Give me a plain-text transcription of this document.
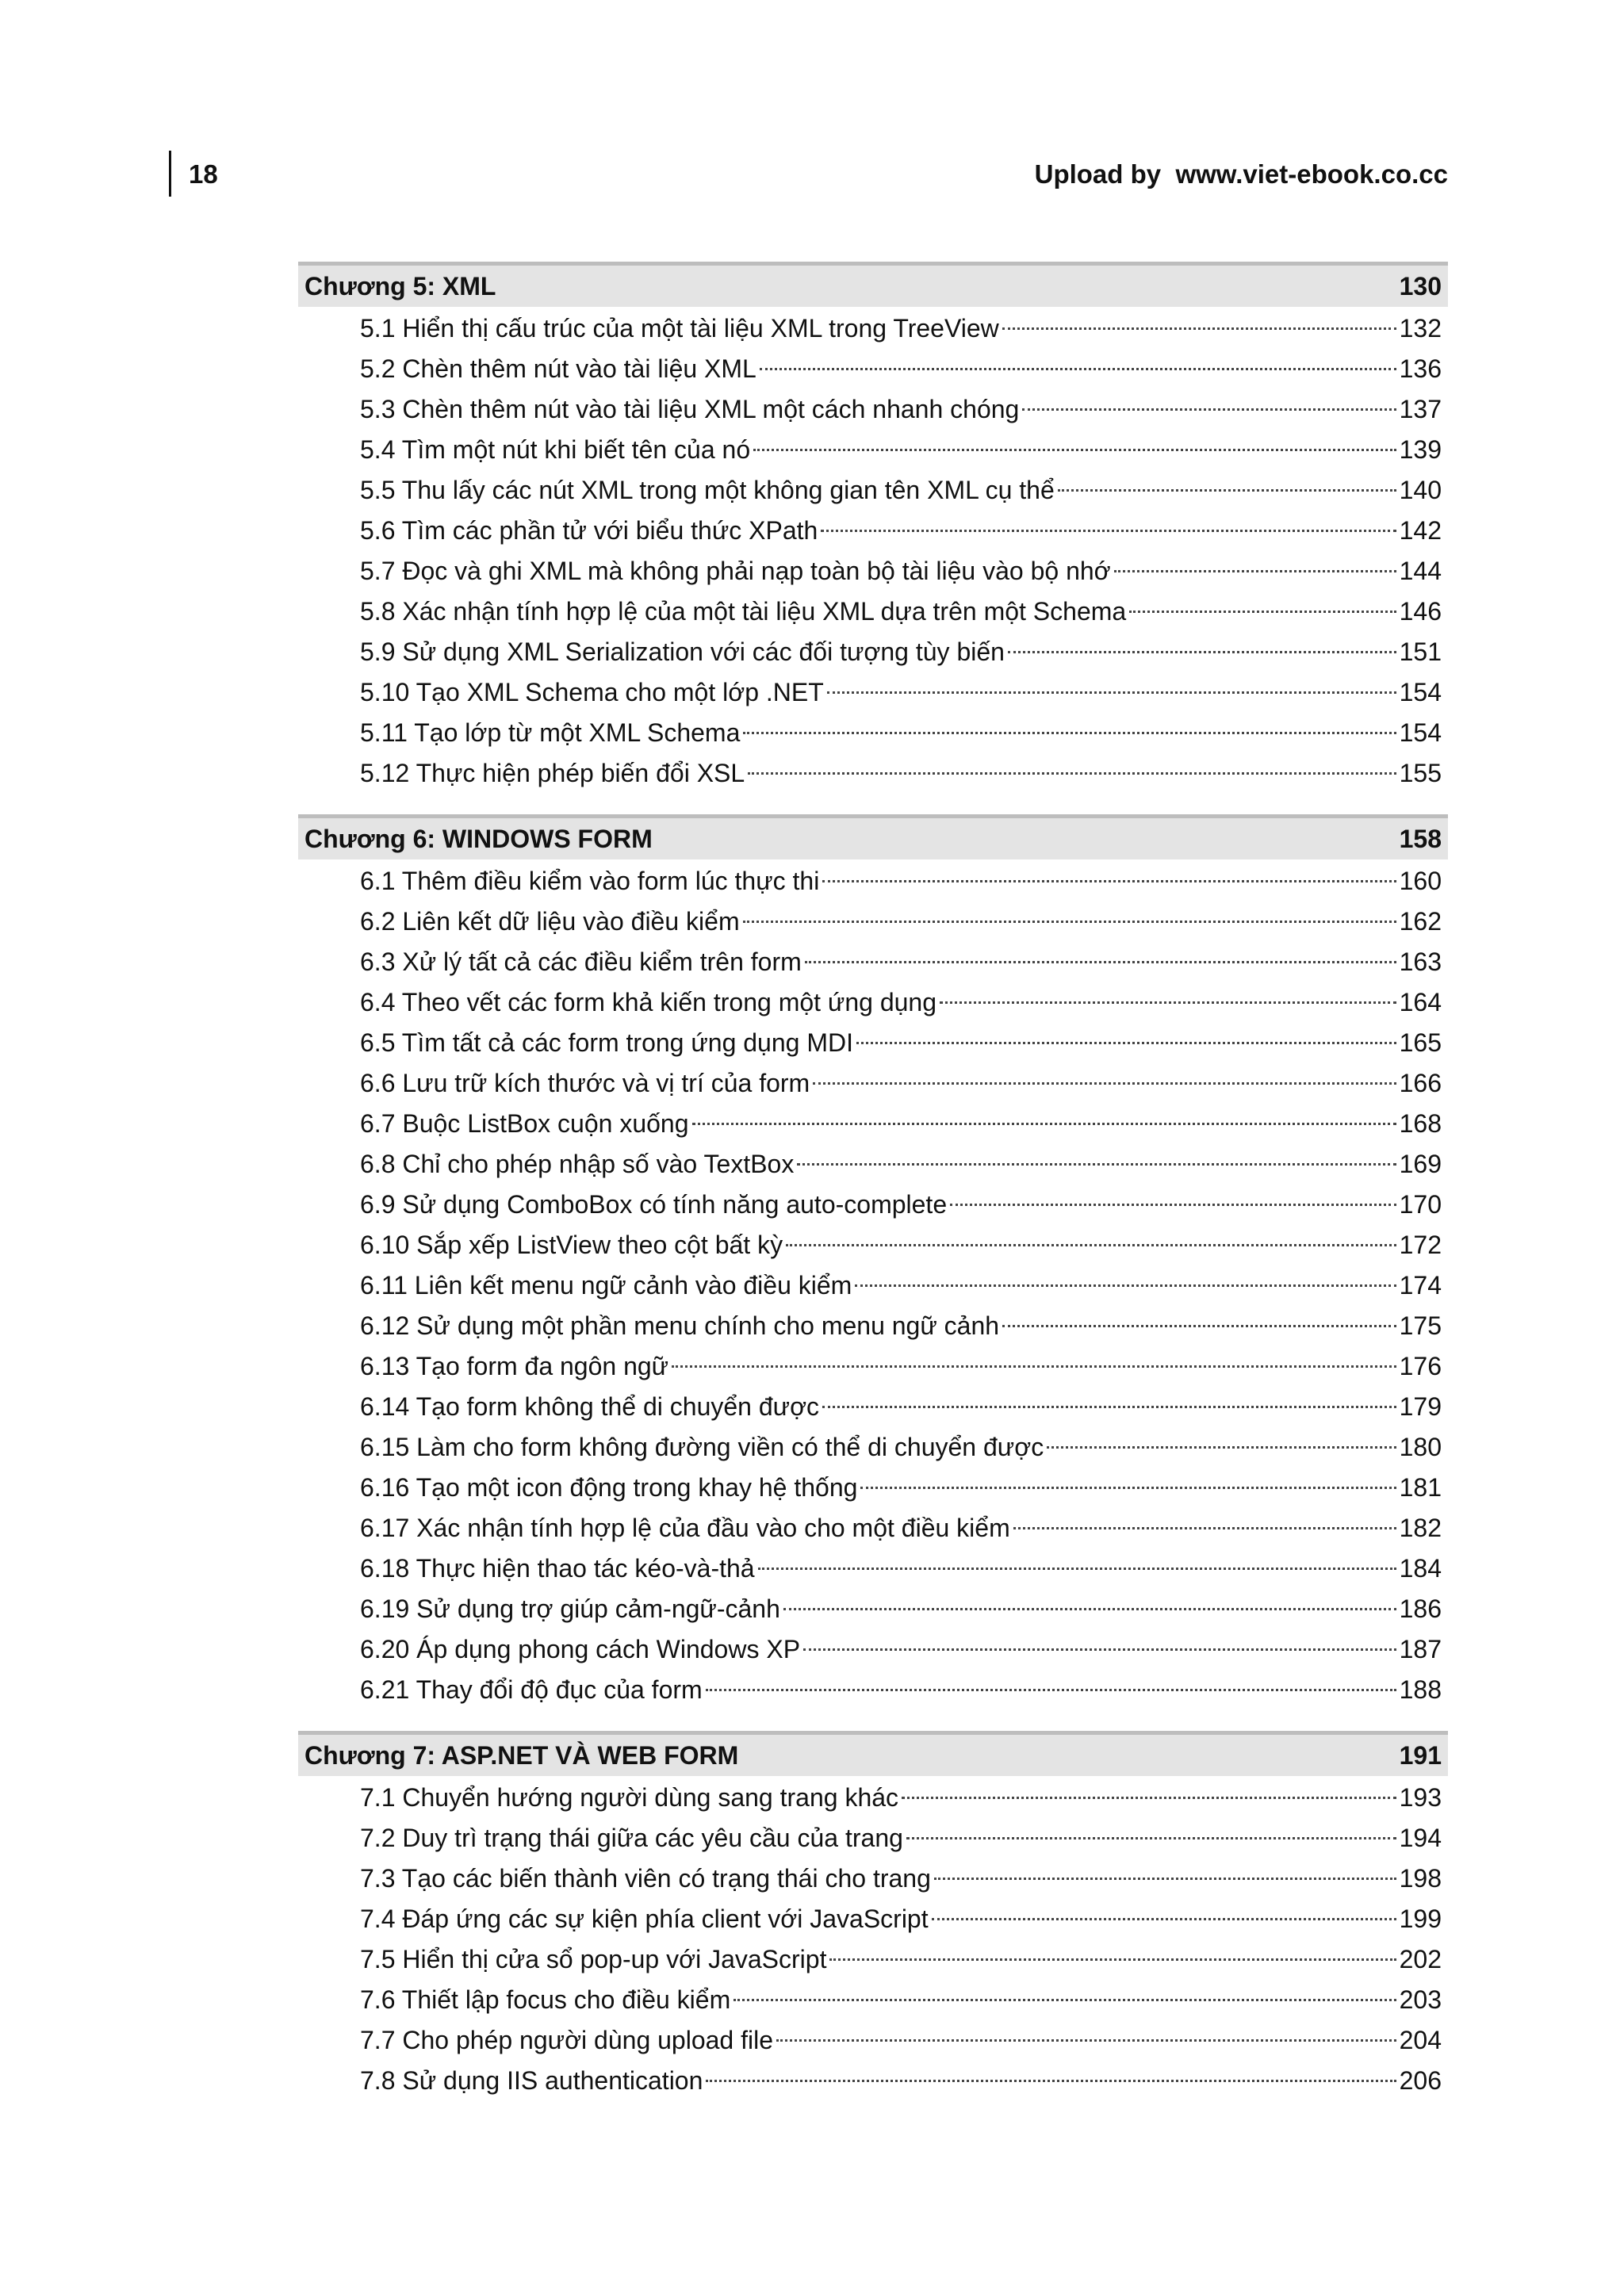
18	Upload by  www.viet-ebook.co.cc
Chương 5: XML	130
5.1 Hiển thị cấu trúc của một tài liệu XML trong TreeView	132
5.2 Chèn thêm nút vào tài liệu XML	136
5.3 Chèn thêm nút vào tài liệu XML một cách nhanh chóng	137
5.4 Tìm một nút khi biết tên của nó	139
5.5 Thu lấy các nút XML trong một không gian tên XML cụ thể	140
5.6 Tìm các phần tử với biểu thức XPath	142
5.7 Đọc và ghi XML mà không phải nạp toàn bộ tài liệu vào bộ nhớ	144
5.8 Xác nhận tính hợp lệ của một tài liệu XML dựa trên một Schema	146
5.9 Sử dụng XML Serialization với các đối tượng tùy biến	151
5.10 Tạo XML Schema cho một lớp .NET	154
5.11 Tạo lớp từ một XML Schema	154
5.12 Thực hiện phép biến đổi XSL	155
Chương 6: WINDOWS FORM	158
6.1 Thêm điều kiểm vào form lúc thực thi	160
6.2 Liên kết dữ liệu vào điều kiểm	162
6.3 Xử lý tất cả các điều kiểm trên form	163
6.4 Theo vết các form khả kiến trong một ứng dụng	164
6.5 Tìm tất cả các form trong ứng dụng MDI	165
6.6 Lưu trữ kích thước và vị trí của form	166
6.7 Buộc ListBox cuộn xuống	168
6.8 Chỉ cho phép nhập số vào TextBox	169
6.9 Sử dụng ComboBox có tính năng auto-complete	170
6.10 Sắp xếp ListView theo cột bất kỳ	172
6.11 Liên kết menu ngữ cảnh vào điều kiểm	174
6.12 Sử dụng một phần menu chính cho menu ngữ cảnh	175
6.13 Tạo form đa ngôn ngữ	176
6.14 Tạo form không thể di chuyển được	179
6.15 Làm cho form không đường viền có thể di chuyển được	180
6.16 Tạo một icon động trong khay hệ thống	181
6.17 Xác nhận tính hợp lệ của đầu vào cho một điều kiểm	182
6.18 Thực hiện thao tác kéo-và-thả	184
6.19 Sử dụng trợ giúp cảm-ngữ-cảnh	186
6.20 Áp dụng phong cách Windows XP	187
6.21 Thay đổi độ đục của form	188
Chương 7: ASP.NET VÀ WEB FORM	191
7.1 Chuyển hướng người dùng sang trang khác	193
7.2 Duy trì trạng thái giữa các yêu cầu của trang	194
7.3 Tạo các biến thành viên có trạng thái cho trang	198
7.4 Đáp ứng các sự kiện phía client với JavaScript	199
7.5 Hiển thị cửa sổ pop-up với JavaScript	202
7.6 Thiết lập focus cho điều kiểm	203
7.7 Cho phép người dùng upload file	204
7.8 Sử dụng IIS authentication	206
